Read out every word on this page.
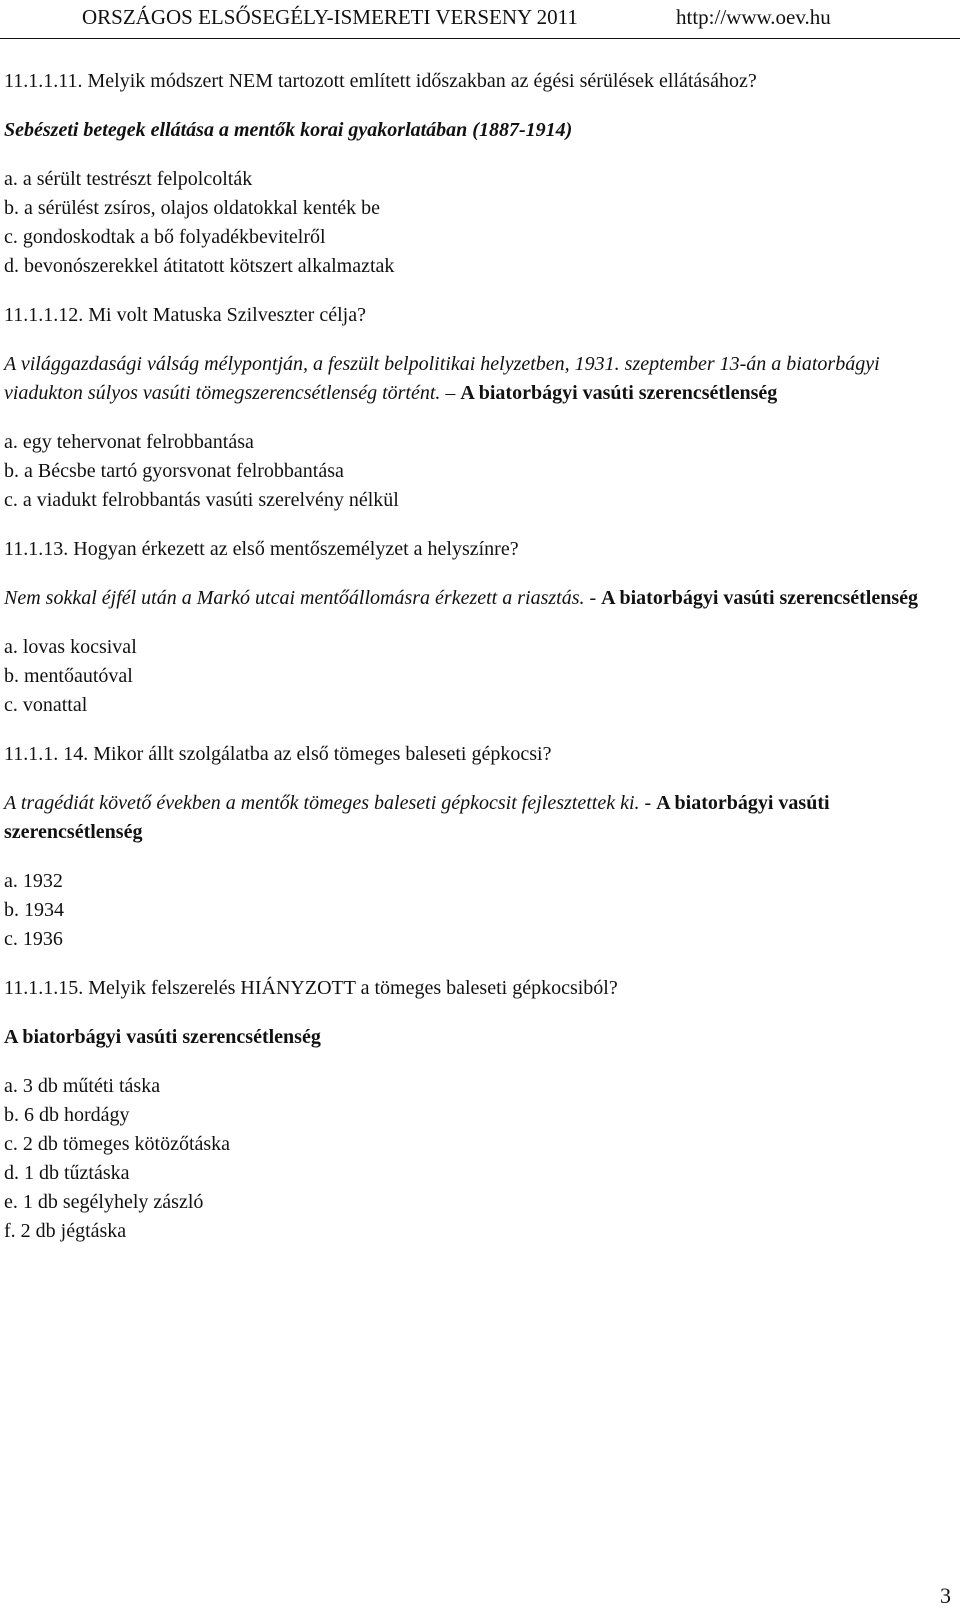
ORSZÁGOS ELSŐSEGÉLY-ISMERETI VERSENY 2011	http://www.oev.hu
11.1.1.11. Melyik módszert NEM tartozott említett időszakban az égési sérülések ellátásához?
Sebészeti betegek ellátása a mentők korai gyakorlatában (1887-1914)
a. a sérült testrészt felpolcolták
b. a sérülést zsíros, olajos oldatokkal kenték be
c. gondoskodtak a bő folyadékbevitelről
d. bevonószerekkel átitatott kötszert alkalmaztak
11.1.1.12. Mi volt Matuska Szilveszter célja?
A világgazdasági válság mélypontján, a feszült belpolitikai helyzetben, 1931. szeptember 13-án a biatorbágyi viadukton súlyos vasúti tömegszerencsétlenség történt. – A biatorbágyi vasúti szerencsétlenség
a. egy tehervonat felrobbantása
b. a Bécsbe tartó gyorsvonat felrobbantása
c. a viadukt felrobbantás vasúti szerelvény nélkül
11.1.13. Hogyan érkezett az első mentőszemélyzet a helyszínre?
Nem sokkal éjfél után a Markó utcai mentőállomásra érkezett a riasztás. - A biatorbágyi vasúti szerencsétlenség
a. lovas kocsival
b. mentőautóval
c. vonattal
11.1.1. 14. Mikor állt szolgálatba az első tömeges baleseti gépkocsi?
A tragédiát követő években a mentők tömeges baleseti gépkocsit fejlesztettek ki. - A biatorbágyi vasúti szerencsétlenség
a. 1932
b. 1934
c. 1936
11.1.1.15. Melyik felszerelés HIÁNYZOTT a tömeges baleseti gépkocsiból?
A biatorbágyi vasúti szerencsétlenség
a. 3 db műtéti táska
b. 6 db hordágy
c. 2 db tömeges kötözőtáska
d. 1 db tűztáska
e. 1 db segélyhely zászló
f. 2 db jégtáska
3
